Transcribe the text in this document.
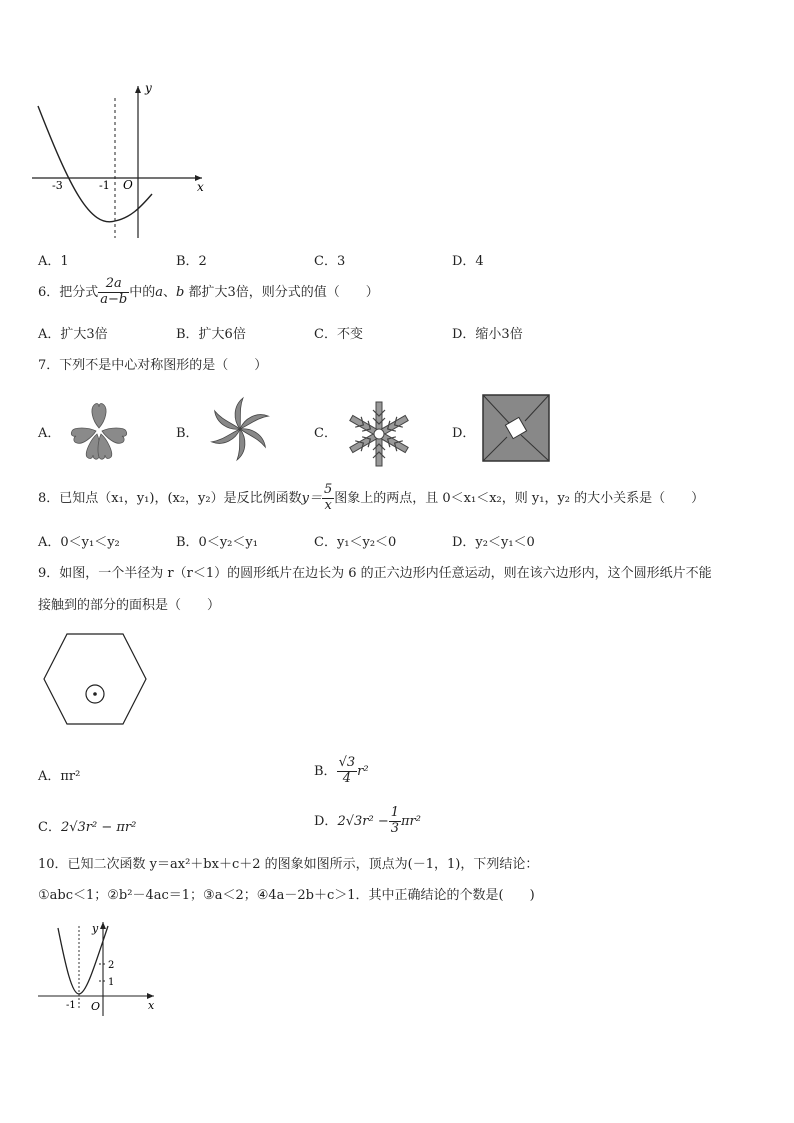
y
x
O
-3	-1
A．1	B．2	C．3	D．4
6．把分式 $\frac{2a}{a-b}$ 中的a、b 都扩大3倍，则分式的值（　　）
A．扩大3倍	B．扩大6倍	C．不变	D．缩小3倍
7．下列不是中心对称图形的是（　　）
A．	B．	C．	D．
8．已知点（x₁，y₁)，(x₂，y₂）是反比例函数$y= \frac{5}{x}$ 图象上的两点，且 0＜x₁＜x₂，则 y₁，y₂ 的大小关系是（　　）
A．0＜y₁＜y₂	B．0＜y₂＜y₁	C．y₁＜y₂＜0	D．y₂＜y₁＜0
9．如图，一个半径为 r（r＜1）的圆形纸片在边长为 6 的正六边形内任意运动，则在该六边形内，这个圆形纸片不能
接触到的部分的面积是（　　）
A．πr²	B． $\frac{√3}{4} r^2$
C．2√3r² − πr²	D．$2√3r^2 - \frac{1}{3} \pi r^2$
10．已知二次函数 y＝ax²＋bx＋c＋2 的图象如图所示，顶点为(－1，1)，下列结论：
①abc＜1；②b²－4ac＝1；③a＜2；④4a－2b＋c＞1．其中正确结论的个数是(　　)
y
x
O
-1
1
2
